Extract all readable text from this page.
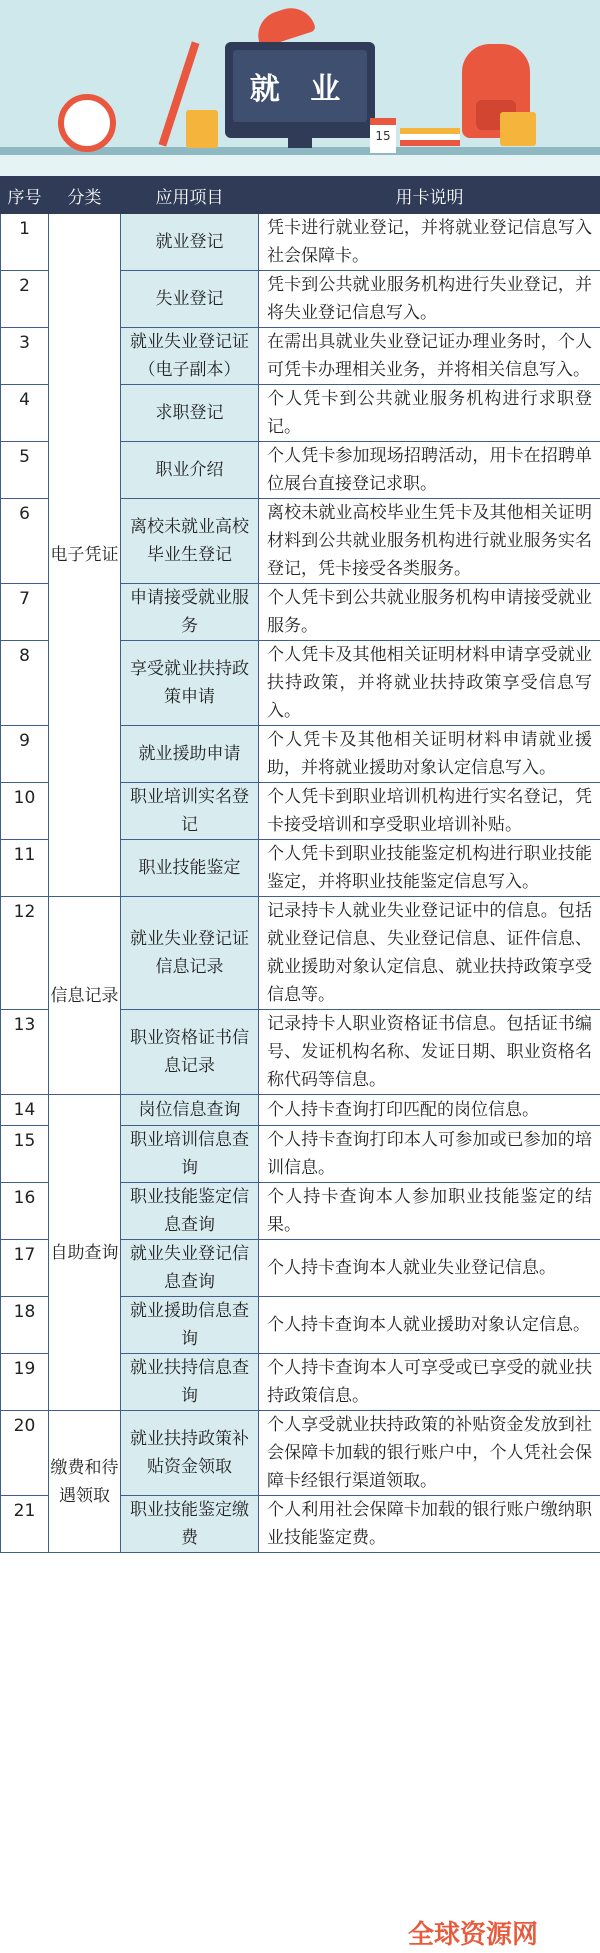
就 业
15
序号	分类	应用项目	用卡说明
1	电子凭证	就业登记	凭卡进行就业登记，并将就业登记信息写入社会保障卡。
2		失业登记	凭卡到公共就业服务机构进行失业登记，并将失业登记信息写入。
3		就业失业登记证（电子副本）	在需出具就业失业登记证办理业务时，个人可凭卡办理相关业务，并将相关信息写入。
4		求职登记	个人凭卡到公共就业服务机构进行求职登记。
5		职业介绍	个人凭卡参加现场招聘活动，用卡在招聘单位展台直接登记求职。
6		离校未就业高校毕业生登记	离校未就业高校毕业生凭卡及其他相关证明材料到公共就业服务机构进行就业服务实名登记，凭卡接受各类服务。
7		申请接受就业服务	个人凭卡到公共就业服务机构申请接受就业服务。
8		享受就业扶持政策申请	个人凭卡及其他相关证明材料申请享受就业扶持政策，并将就业扶持政策享受信息写入。
9		就业援助申请	个人凭卡及其他相关证明材料申请就业援助，并将就业援助对象认定信息写入。
10		职业培训实名登记	个人凭卡到职业培训机构进行实名登记，凭卡接受培训和享受职业培训补贴。
11		职业技能鉴定	个人凭卡到职业技能鉴定机构进行职业技能鉴定，并将职业技能鉴定信息写入。
12	信息记录	就业失业登记证信息记录	记录持卡人就业失业登记证中的信息。包括就业登记信息、失业登记信息、证件信息、就业援助对象认定信息、就业扶持政策享受信息等。
13		职业资格证书信息记录	记录持卡人职业资格证书信息。包括证书编号、发证机构名称、发证日期、职业资格名称代码等信息。
14	自助查询	岗位信息查询	个人持卡查询打印匹配的岗位信息。
15		职业培训信息查询	个人持卡查询打印本人可参加或已参加的培训信息。
16		职业技能鉴定信息查询	个人持卡查询本人参加职业技能鉴定的结果。
17		就业失业登记信息查询	个人持卡查询本人就业失业登记信息。
18		就业援助信息查询	个人持卡查询本人就业援助对象认定信息。
19		就业扶持信息查询	个人持卡查询本人可享受或已享受的就业扶持政策信息。
20	缴费和待遇领取	就业扶持政策补贴资金领取	个人享受就业扶持政策的补贴资金发放到社会保障卡加载的银行账户中，个人凭社会保障卡经银行渠道领取。
21		职业技能鉴定缴费	个人利用社会保障卡加载的银行账户缴纳职业技能鉴定费。
全球资源网
